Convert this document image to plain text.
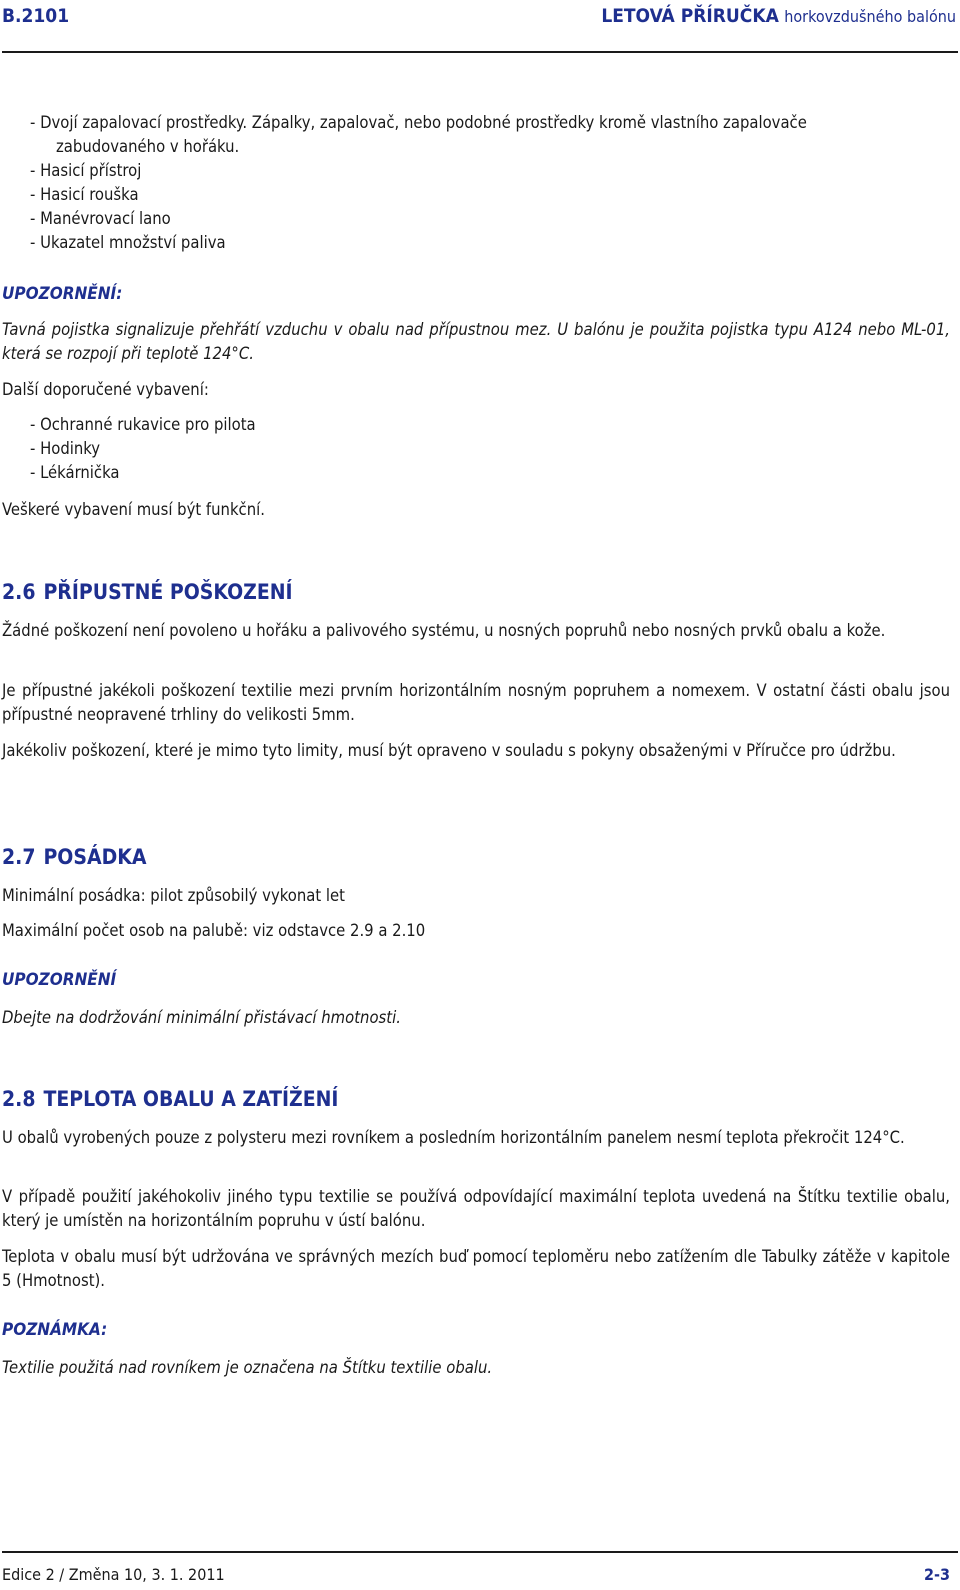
B.2101	LETOVÁ PŘÍRUČKA horkovzdušného balónu
- Dvojí zapalovací prostředky. Zápalky, zapalovač, nebo podobné prostředky kromě vlastního zapalovače
zabudovaného v hořáku.
- Hasicí přístroj
- Hasicí rouška
- Manévrovací lano
- Ukazatel množství paliva
UPOZORNĚNÍ:
Tavná pojistka signalizuje přehřátí vzduchu v obalu nad přípustnou mez. U balónu je použita pojistka typu A124 nebo ML-01, která se rozpojí při teplotě 124°C.
Další doporučené vybavení:
- Ochranné rukavice pro pilota
- Hodinky
- Lékárnička
Veškeré vybavení musí být funkční.
2.6 PŘÍPUSTNÉ POŠKOZENÍ
Žádné poškození není povoleno u hořáku a palivového systému, u nosných popruhů nebo nosných prvků obalu a kože.
Je přípustné jakékoli poškození textilie mezi prvním horizontálním nosným popruhem a nomexem. V ostatní části obalu jsou přípustné neopravené trhliny do velikosti 5mm.
Jakékoliv poškození, které je mimo tyto limity, musí být opraveno v souladu s pokyny obsaženými v Příručce pro údržbu.
2.7 POSÁDKA
Minimální posádka: pilot způsobilý vykonat let
Maximální počet osob na palubě: viz odstavce 2.9 a 2.10
UPOZORNĚNÍ
Dbejte na dodržování minimální přistávací hmotnosti.
2.8 TEPLOTA OBALU A ZATÍŽENÍ
U obalů vyrobených pouze z polysteru mezi rovníkem a posledním horizontálním panelem nesmí teplota překročit 124°C.
V případě použití jakéhokoliv jiného typu textilie se používá odpovídající maximální teplota uvedená na Štítku textilie obalu, který je umístěn na horizontálním popruhu v ústí balónu.
Teplota v obalu musí být udržována ve správných mezích buď pomocí teploměru nebo zatížením dle Tabulky zátěže v kapitole 5 (Hmotnost).
POZNÁMKA:
Textilie použitá nad rovníkem je označena na Štítku textilie obalu.
Edice 2 / Změna 10, 3. 1. 2011	2-3
